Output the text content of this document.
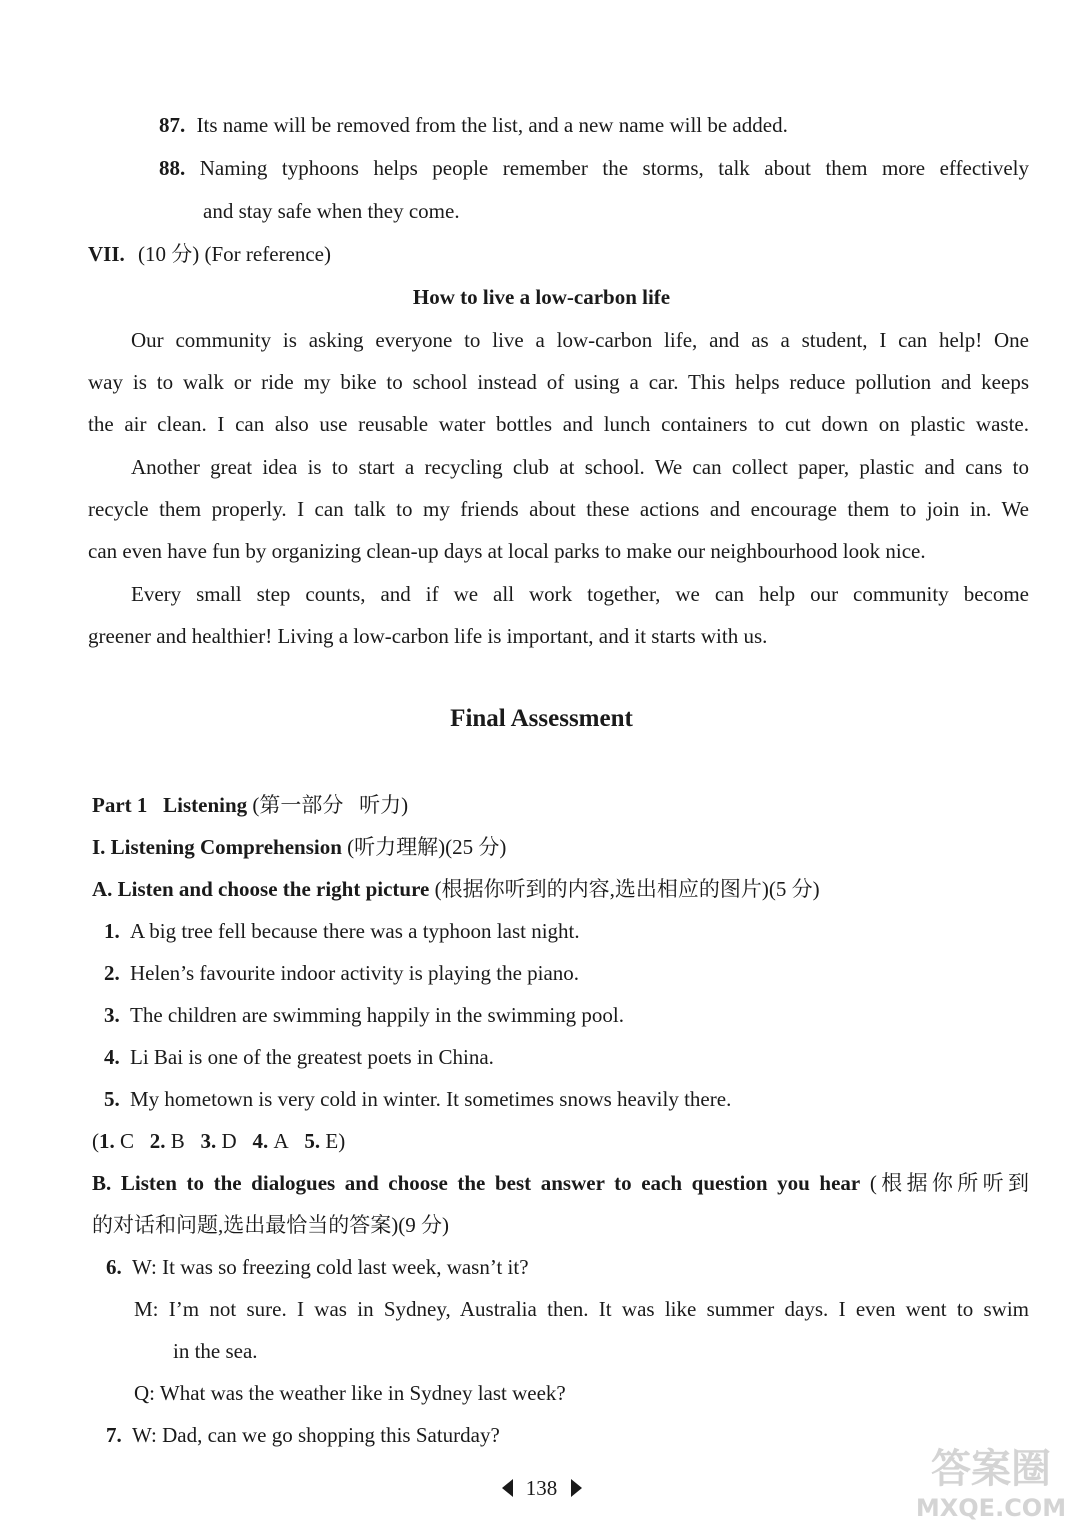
87. Its name will be removed from the list, and a new name will be added.
88. Naming typhoons helps people remember the storms, talk about them more effectively
and stay safe when they come.
VII. (10 分) (For reference)
How to live a low-carbon life
Our community is asking everyone to live a low-carbon life, and as a student, I can help! One
way is to walk or ride my bike to school instead of using a car. This helps reduce pollution and keeps
the air clean. I can also use reusable water bottles and lunch containers to cut down on plastic waste.
Another great idea is to start a recycling club at school. We can collect paper, plastic and cans to
recycle them properly. I can talk to my friends about these actions and encourage them to join in. We
can even have fun by organizing clean-up days at local parks to make our neighbourhood look nice.
Every small step counts, and if we all work together, we can help our community become
greener and healthier! Living a low-carbon life is important, and it starts with us.
Final Assessment
Part 1   Listening (第一部分   听力)
I. Listening Comprehension (听力理解)(25 分)
A. Listen and choose the right picture (根据你听到的内容,选出相应的图片)(5 分)
1. A big tree fell because there was a typhoon last night.
2. Helen’s favourite indoor activity is playing the piano.
3. The children are swimming happily in the swimming pool.
4. Li Bai is one of the greatest poets in China.
5. My hometown is very cold in winter. It sometimes snows heavily there.
(1. C 2. B 3. D 4. A 5. E)
B. Listen to the dialogues and choose the best answer to each question you hear (根据你所听到
的对话和问题,选出最恰当的答案)(9 分)
6. W: It was so freezing cold last week, wasn’t it?
M: I’m not sure. I was in Sydney, Australia then. It was like summer days. I even went to swim
in the sea.
Q: What was the weather like in Sydney last week?
7. W: Dad, can we go shopping this Saturday?
138	答案圈
MXQE.COM
